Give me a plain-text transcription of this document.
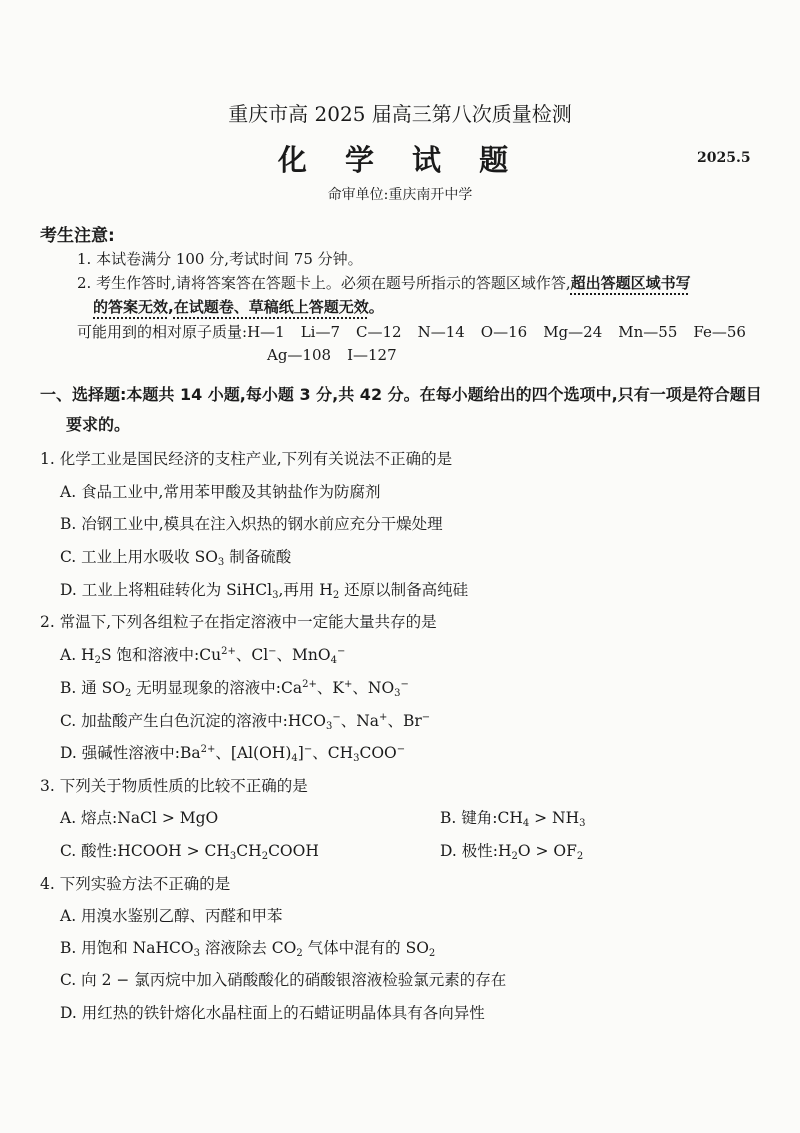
重庆市高 2025 届高三第八次质量检测
化 学 试 题	2025.5
命审单位:重庆南开中学
考生注意:
1. 本试卷满分 100 分,考试时间 75 分钟。
2. 考生作答时,请将答案答在答题卡上。必须在题号所指示的答题区域作答,超出答题区域书写
的答案无效,在试题卷、草稿纸上答题无效。
可能用到的相对原子质量:H—1 Li—7 C—12 N—14 O—16 Mg—24 Mn—55 Fe—56
Ag—108 I—127
一、选择题:本题共 14 小题,每小题 3 分,共 42 分。在每小题给出的四个选项中,只有一项是符合题目
要求的。
1. 化学工业是国民经济的支柱产业,下列有关说法不正确的是
A. 食品工业中,常用苯甲酸及其钠盐作为防腐剂
B. 冶钢工业中,模具在注入炽热的钢水前应充分干燥处理
C. 工业上用水吸收 $SO_3$ 制备硫酸
D. 工业上将粗硅转化为 SiHCl$_3$,再用 $H_2$ 还原以制备高纯硅
2. 常温下,下列各组粒子在指定溶液中一定能大量共存的是
A. $H_2S$ 饱和溶液中$:Cu^{2+}$、Cl−、MnO$_4$−
B. 通 $SO_2$ 无明显现象的溶液中$:Ca^{2+}$、K+、$NO_3^-$
C. 加盐酸产生白色沉淀的溶液中$:HCO_3^-$、Na+、Br−
D. 强碱性溶液中$:Ba^{2+}$、$[Al(OH)_4]^-$、$CH_3COO^-$
3. 下列关于物质性质的比较不正确的是
A. 熔点:NaCl > MgO	B. 键角$:CH_4 > NH_3$
C. 酸性:HCOOH > $CH_3CH_2COOH$	D. 极性$:H_2O > OF_2$
4. 下列实验方法不正确的是
A. 用溴水鉴别乙醇、丙醛和甲苯
B. 用饱和 NaHCO$_3$ 溶液除去 $CO_2$ 气体中混有的 $SO_2$
C. 向 2 − 氯丙烷中加入硝酸酸化的硝酸银溶液检验氯元素的存在
D. 用红热的铁针熔化水晶柱面上的石蜡证明晶体具有各向异性
